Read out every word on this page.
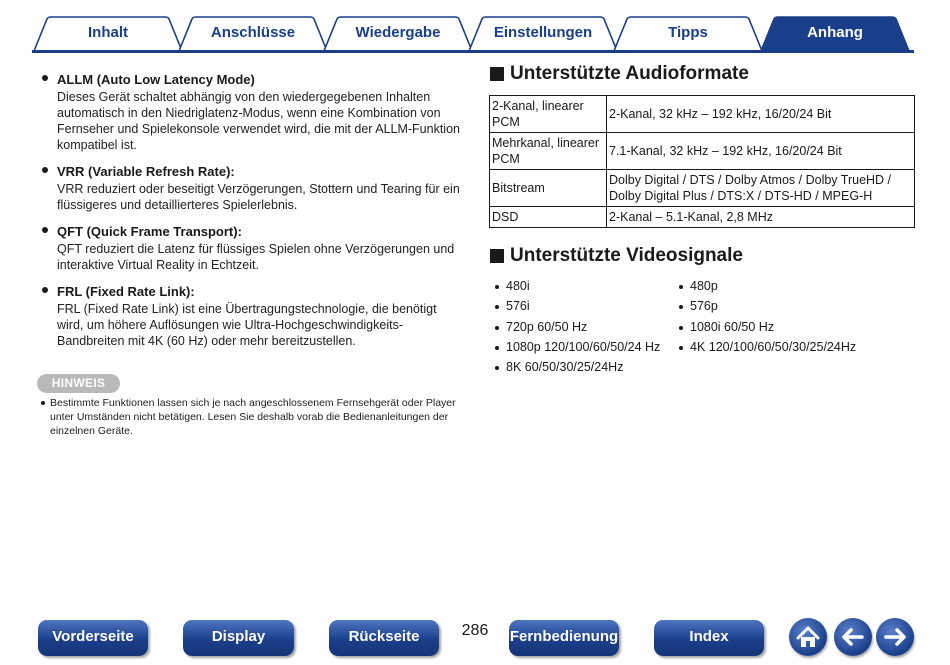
Inhalt	Anschlüsse	Wiedergabe	Einstellungen	Tipps	Anhang
ALLM (Auto Low Latency Mode)
Dieses Gerät schaltet abhängig von den wiedergegebenen Inhalten automatisch in den Niedriglatenz-Modus, wenn eine Kombination von Fernseher und Spielekonsole verwendet wird, die mit der ALLM-Funktion kompatibel ist.
VRR (Variable Refresh Rate):
VRR reduziert oder beseitigt Verzögerungen, Stottern und Tearing für ein flüssigeres und detaillierteres Spielerlebnis.
QFT (Quick Frame Transport):
QFT reduziert die Latenz für flüssiges Spielen ohne Verzögerungen und interaktive Virtual Reality in Echtzeit.
FRL (Fixed Rate Link):
FRL (Fixed Rate Link) ist eine Übertragungstechnologie, die benötigt wird, um höhere Auflösungen wie Ultra-Hochgeschwindigkeits-Bandbreiten mit 4K (60 Hz) oder mehr bereitzustellen.
HINWEIS
Bestimmte Funktionen lassen sich je nach angeschlossenem Fernsehgerät oder Player unter Umständen nicht betätigen. Lesen Sie deshalb vorab die Bedienanleitungen der einzelnen Geräte.
Unterstützte Audioformate
2-Kanal, linearer PCM	2-Kanal, 32 kHz – 192 kHz, 16/20/24 Bit
Mehrkanal, linearer PCM	7.1-Kanal, 32 kHz – 192 kHz, 16/20/24 Bit
Bitstream	Dolby Digital / DTS / Dolby Atmos / Dolby TrueHD / Dolby Digital Plus / DTS:X / DTS-HD / MPEG-H
DSD	2-Kanal – 5.1-Kanal, 2,8 MHz
Unterstützte Videosignale
480i
576i
720p 60/50 Hz
1080p 120/100/60/50/24 Hz
8K 60/50/30/25/24Hz
480p
576p
1080i 60/50 Hz
4K 120/100/60/50/30/25/24Hz
Vorderseite	Display	Rückseite	286	Fernbedienung	Index
